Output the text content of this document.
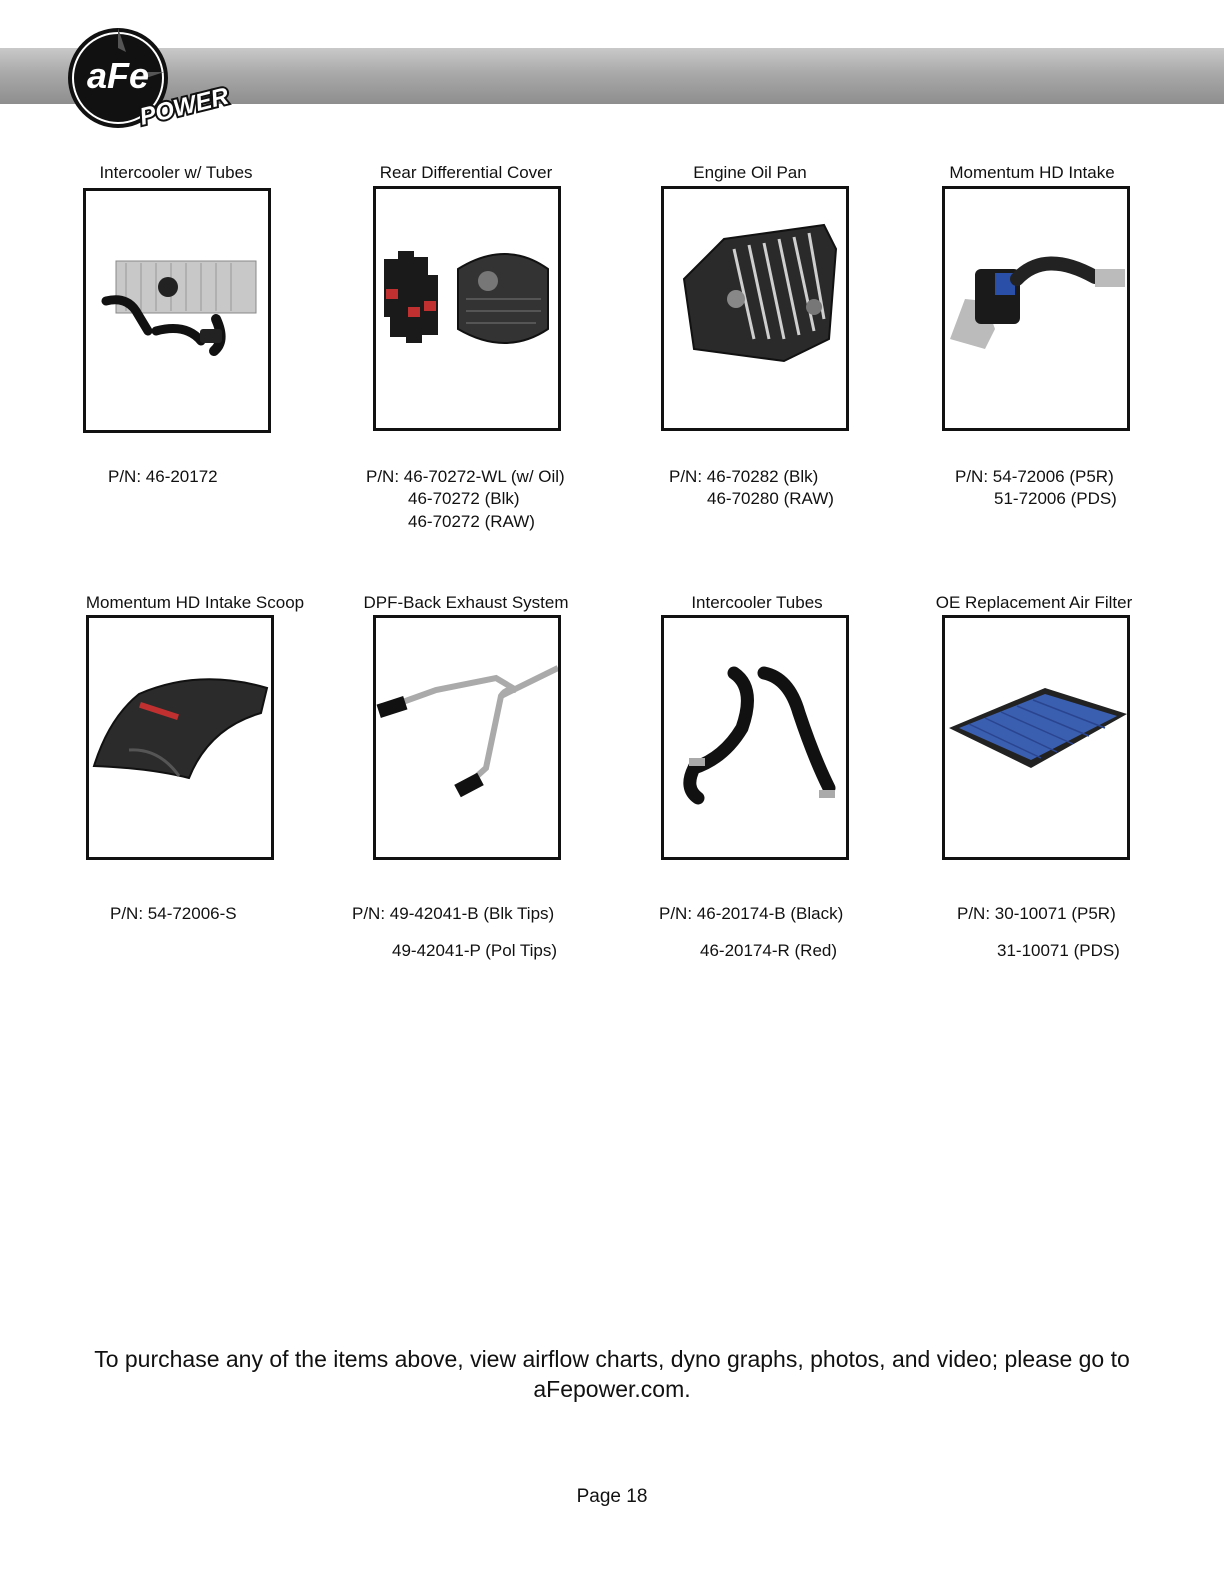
aFe
POWER
Intercooler w/ Tubes	Rear Differential Cover	Engine Oil Pan	Momentum HD Intake
P/N: 46-20172	P/N: 46-70272-WL (w/ Oil)
46-70272 (Blk)
46-70272 (RAW)
P/N: 46-70282 (Blk)
46-70280 (RAW)
P/N: 54-72006 (P5R)
51-72006 (PDS)
Momentum HD Intake Scoop	DPF-Back Exhaust System	Intercooler Tubes	OE Replacement Air Filter
P/N: 54-72006-S	P/N: 49-42041-B (Blk Tips)
49-42041-P (Pol Tips)
P/N: 46-20174-B (Black)
46-20174-R (Red)
P/N: 30-10071 (P5R)
31-10071 (PDS)
To purchase any of the items above, view airflow charts, dyno graphs, photos, and video; please go to aFepower.com.
Page 18
